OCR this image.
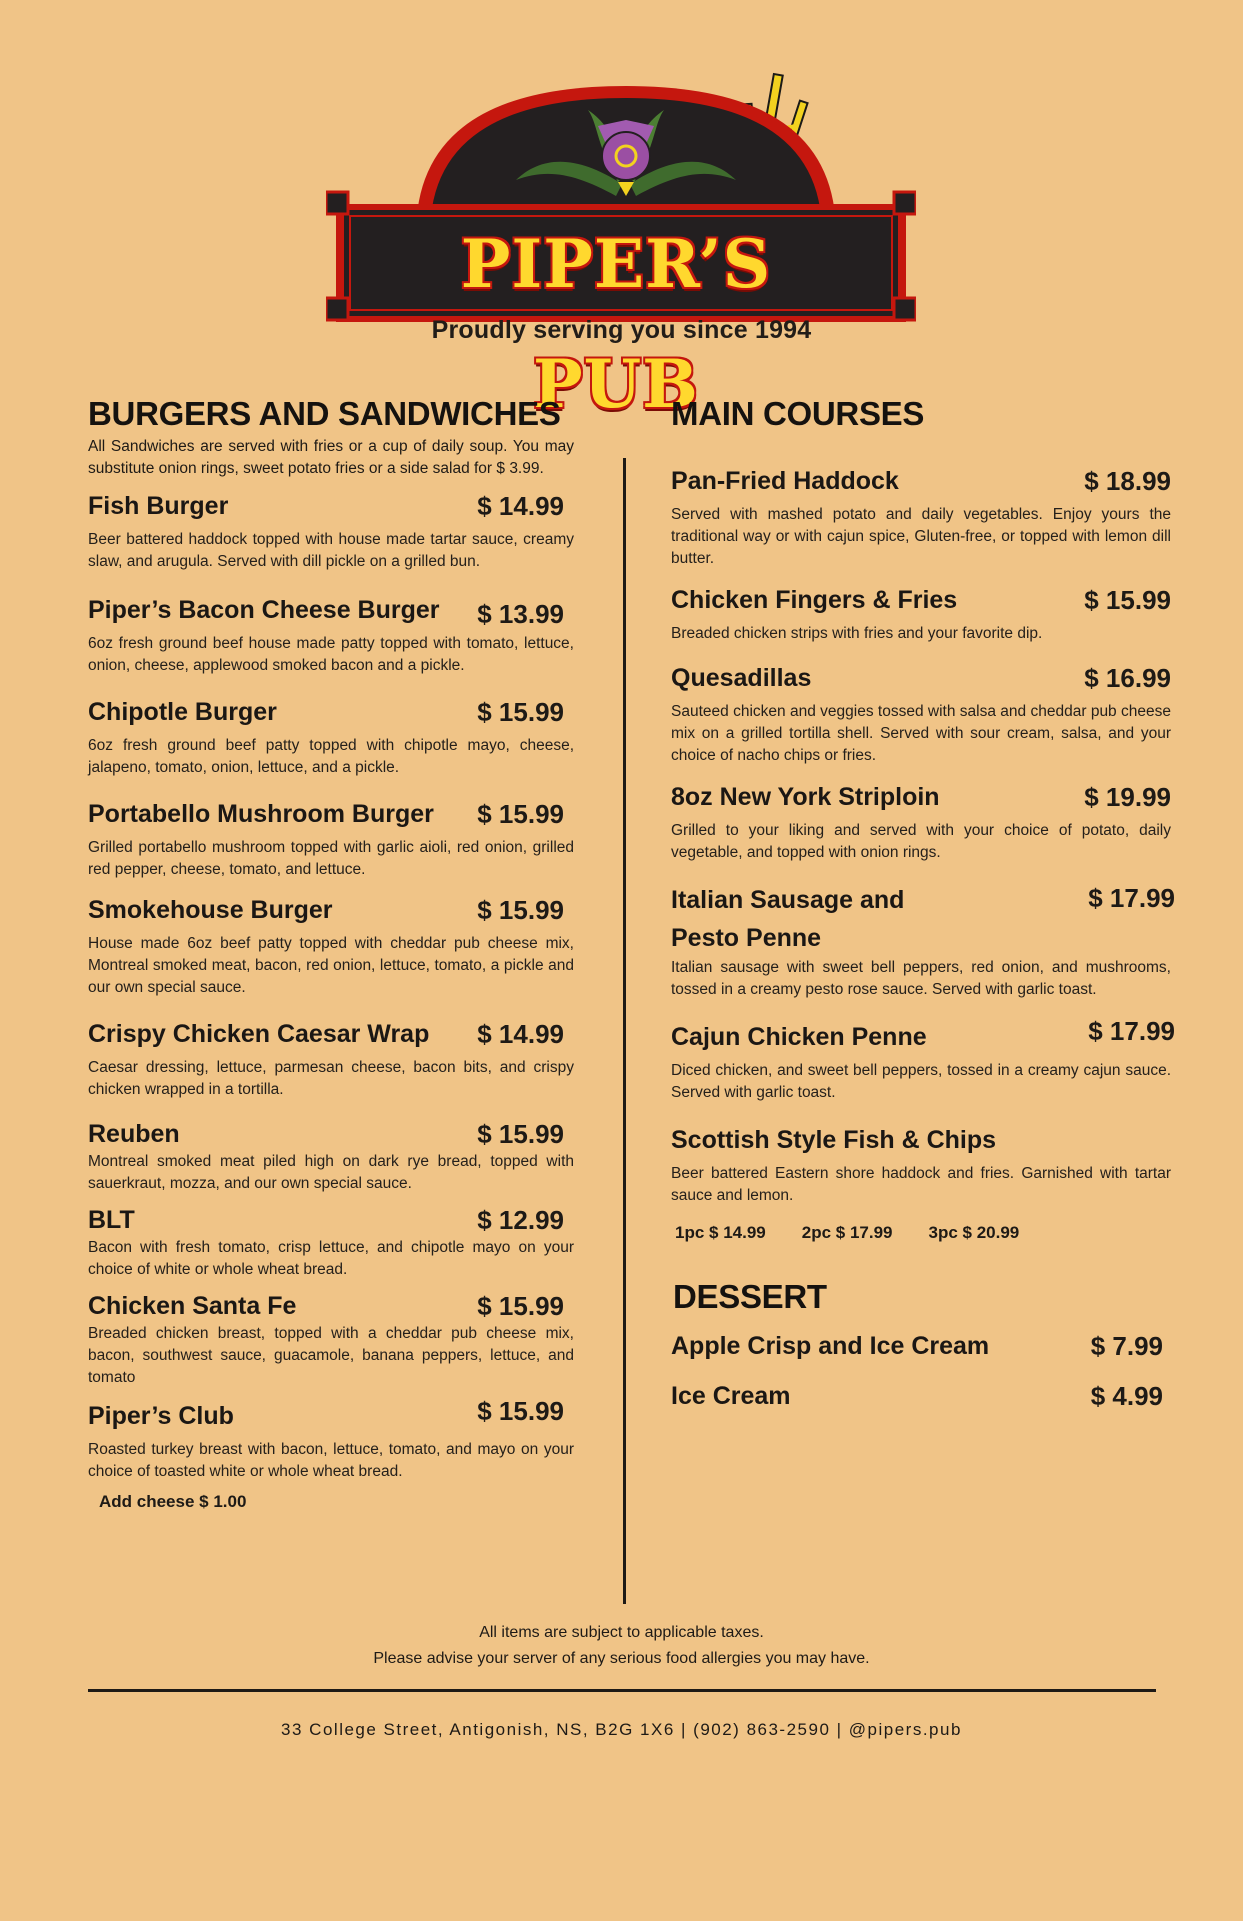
PIPER’S PUB
Proudly serving you since 1994
BURGERS AND SANDWICHES
All Sandwiches are served with fries or a cup of daily soup. You may substitute onion rings, sweet potato fries or a side salad for $ 3.99.
Fish Burger	$ 14.99
Beer battered haddock topped with house made tartar sauce, creamy slaw, and arugula. Served with dill pickle on a grilled bun.
Piper’s Bacon Cheese Burger	$ 13.99
6oz fresh ground beef house made patty topped with tomato, lettuce, onion, cheese, applewood smoked bacon and a pickle.
Chipotle Burger	$ 15.99
6oz fresh ground beef patty topped with chipotle mayo, cheese, jalapeno, tomato, onion, lettuce, and a pickle.
Portabello Mushroom Burger	$ 15.99
Grilled portabello mushroom topped with garlic aioli, red onion, grilled red pepper, cheese, tomato, and lettuce.
Smokehouse Burger	$ 15.99
House made 6oz beef patty topped with cheddar pub cheese mix, Montreal smoked meat, bacon, red onion, lettuce, tomato, a pickle and our own special sauce.
Crispy Chicken Caesar Wrap	$ 14.99
Caesar dressing, lettuce, parmesan cheese, bacon bits, and crispy chicken wrapped in a tortilla.
Reuben	$ 15.99
Montreal smoked meat piled high on dark rye bread, topped with sauerkraut, mozza, and our own special sauce.
BLT	$ 12.99
Bacon with fresh tomato, crisp lettuce, and chipotle mayo on your choice of white or whole wheat bread.
Chicken Santa Fe	$ 15.99
Breaded chicken breast, topped with a cheddar pub cheese mix, bacon, southwest sauce, guacamole, banana peppers, lettuce, and tomato
Piper’s Club	$ 15.99
Roasted turkey breast with bacon, lettuce, tomato, and mayo on your choice of toasted white or whole wheat bread.
Add cheese $ 1.00
MAIN COURSES
Pan-Fried Haddock	$ 18.99
Served with mashed potato and daily vegetables. Enjoy yours the traditional way or with cajun spice, Gluten-free, or topped with lemon dill butter.
Chicken Fingers & Fries	$ 15.99
Breaded chicken strips with fries and your favorite dip.
Quesadillas	$ 16.99
Sauteed chicken and veggies tossed with salsa and cheddar pub cheese mix on a grilled tortilla shell. Served with sour cream, salsa, and your choice of nacho chips or fries.
8oz New York Striploin	$ 19.99
Grilled to your liking and served with your choice of potato, daily vegetable, and topped with onion rings.
Italian Sausage and Pesto Penne
$ 17.99
Italian sausage with sweet bell peppers, red onion, and mushrooms, tossed in a creamy pesto rose sauce. Served with garlic toast.
Cajun Chicken Penne	$ 17.99
Diced chicken, and sweet bell peppers, tossed in a creamy cajun sauce. Served with garlic toast.
Scottish Style Fish & Chips
Beer battered Eastern shore haddock and fries. Garnished with tartar sauce and lemon.
1pc $ 14.99 2pc $ 17.99 3pc $ 20.99
DESSERT
Apple Crisp and Ice Cream	$ 7.99
Ice Cream	$ 4.99
All items are subject to applicable taxes.
Please advise your server of any serious food allergies you may have.
33 College Street, Antigonish, NS, B2G 1X6 | (902) 863-2590 | @pipers.pub
